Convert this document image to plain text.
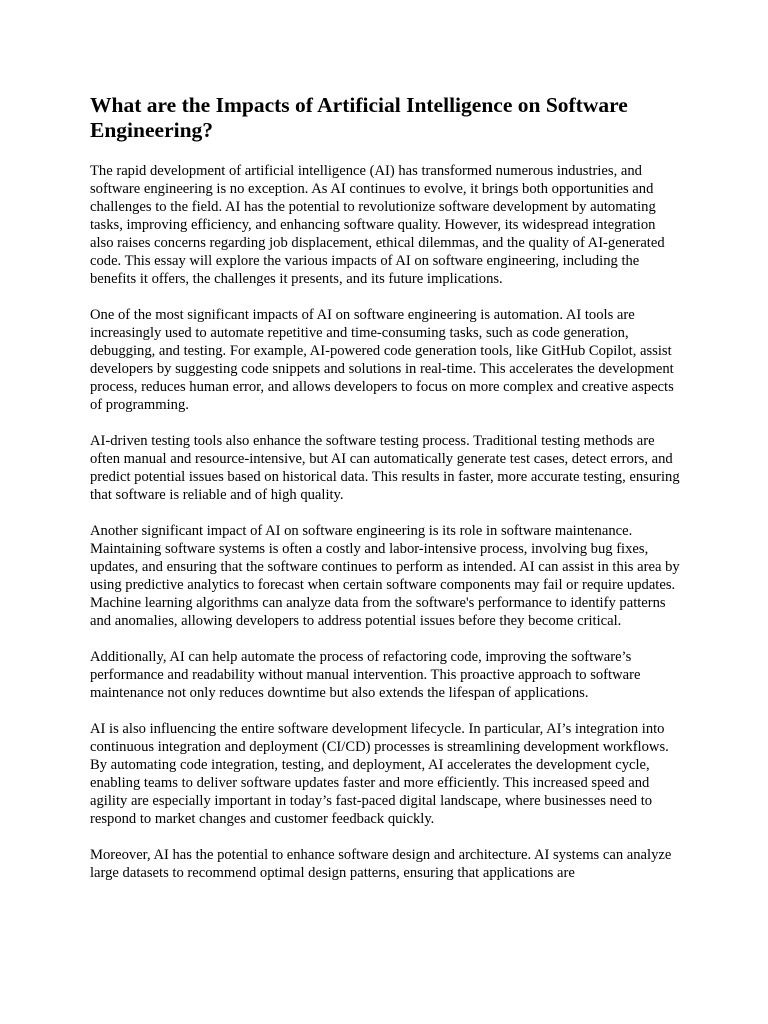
What are the Impacts of Artificial Intelligence on Software Engineering?

The rapid development of artificial intelligence (AI) has transformed numerous industries, and software engineering is no exception. As AI continues to evolve, it brings both opportunities and challenges to the field. AI has the potential to revolutionize software development by automating tasks, improving efficiency, and enhancing software quality. However, its widespread integration also raises concerns regarding job displacement, ethical dilemmas, and the quality of AI-generated code. This essay will explore the various impacts of AI on software engineering, including the benefits it offers, the challenges it presents, and its future implications.

One of the most significant impacts of AI on software engineering is automation. AI tools are increasingly used to automate repetitive and time-consuming tasks, such as code generation, debugging, and testing. For example, AI-powered code generation tools, like GitHub Copilot, assist developers by suggesting code snippets and solutions in real-time. This accelerates the development process, reduces human error, and allows developers to focus on more complex and creative aspects of programming.

AI-driven testing tools also enhance the software testing process. Traditional testing methods are often manual and resource-intensive, but AI can automatically generate test cases, detect errors, and predict potential issues based on historical data. This results in faster, more accurate testing, ensuring that software is reliable and of high quality.

Another significant impact of AI on software engineering is its role in software maintenance. Maintaining software systems is often a costly and labor-intensive process, involving bug fixes, updates, and ensuring that the software continues to perform as intended. AI can assist in this area by using predictive analytics to forecast when certain software components may fail or require updates. Machine learning algorithms can analyze data from the software's performance to identify patterns and anomalies, allowing developers to address potential issues before they become critical.

Additionally, AI can help automate the process of refactoring code, improving the software’s performance and readability without manual intervention. This proactive approach to software maintenance not only reduces downtime but also extends the lifespan of applications.

AI is also influencing the entire software development lifecycle. In particular, AI’s integration into continuous integration and deployment (CI/CD) processes is streamlining development workflows. By automating code integration, testing, and deployment, AI accelerates the development cycle, enabling teams to deliver software updates faster and more efficiently. This increased speed and agility are especially important in today’s fast-paced digital landscape, where businesses need to respond to market changes and customer feedback quickly.

Moreover, AI has the potential to enhance software design and architecture. AI systems can analyze large datasets to recommend optimal design patterns, ensuring that applications are
